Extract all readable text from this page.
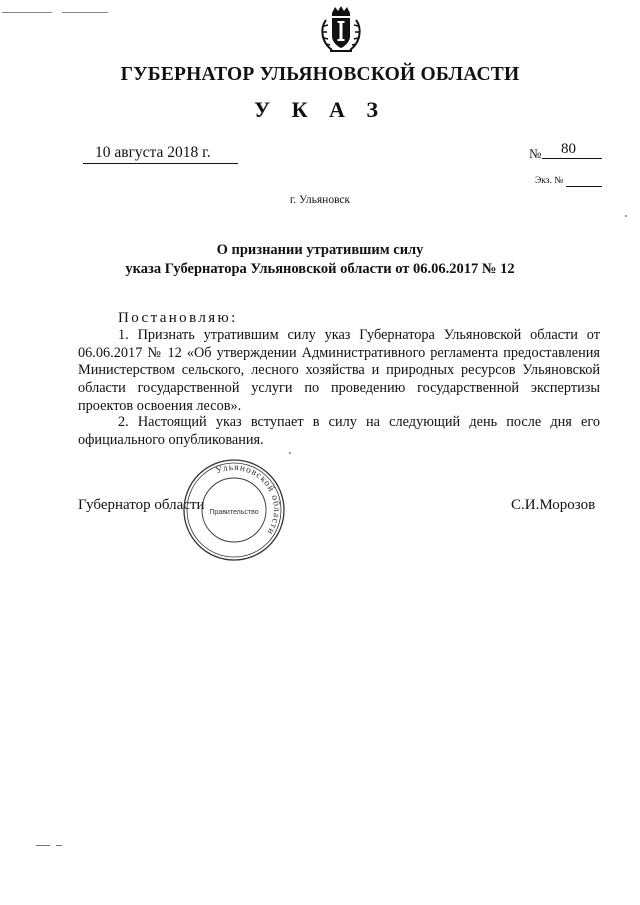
ГУБЕРНАТОР УЛЬЯНОВСКОЙ ОБЛАСТИ
У К А З
10 августа 2018 г.	№ 80
Экз. №
г. Ульяновск
О признании утратившим силу
указа Губернатора Ульяновской области от 06.06.2017 № 12
Постановляю:
1. Признать утратившим силу указ Губернатора Ульяновской области от 06.06.2017 № 12 «Об утверждении Административного регламента предоставления Министерством сельского, лесного хозяйства и природных ресурсов Ульяновской области государственной услуги по проведению государственной экспертизы проектов освоения лесов».
2. Настоящий указ вступает в силу на следующий день после дня его официального опубликования.
Губернатор области	С.И.Морозов
Ульяновской области
Правительство
